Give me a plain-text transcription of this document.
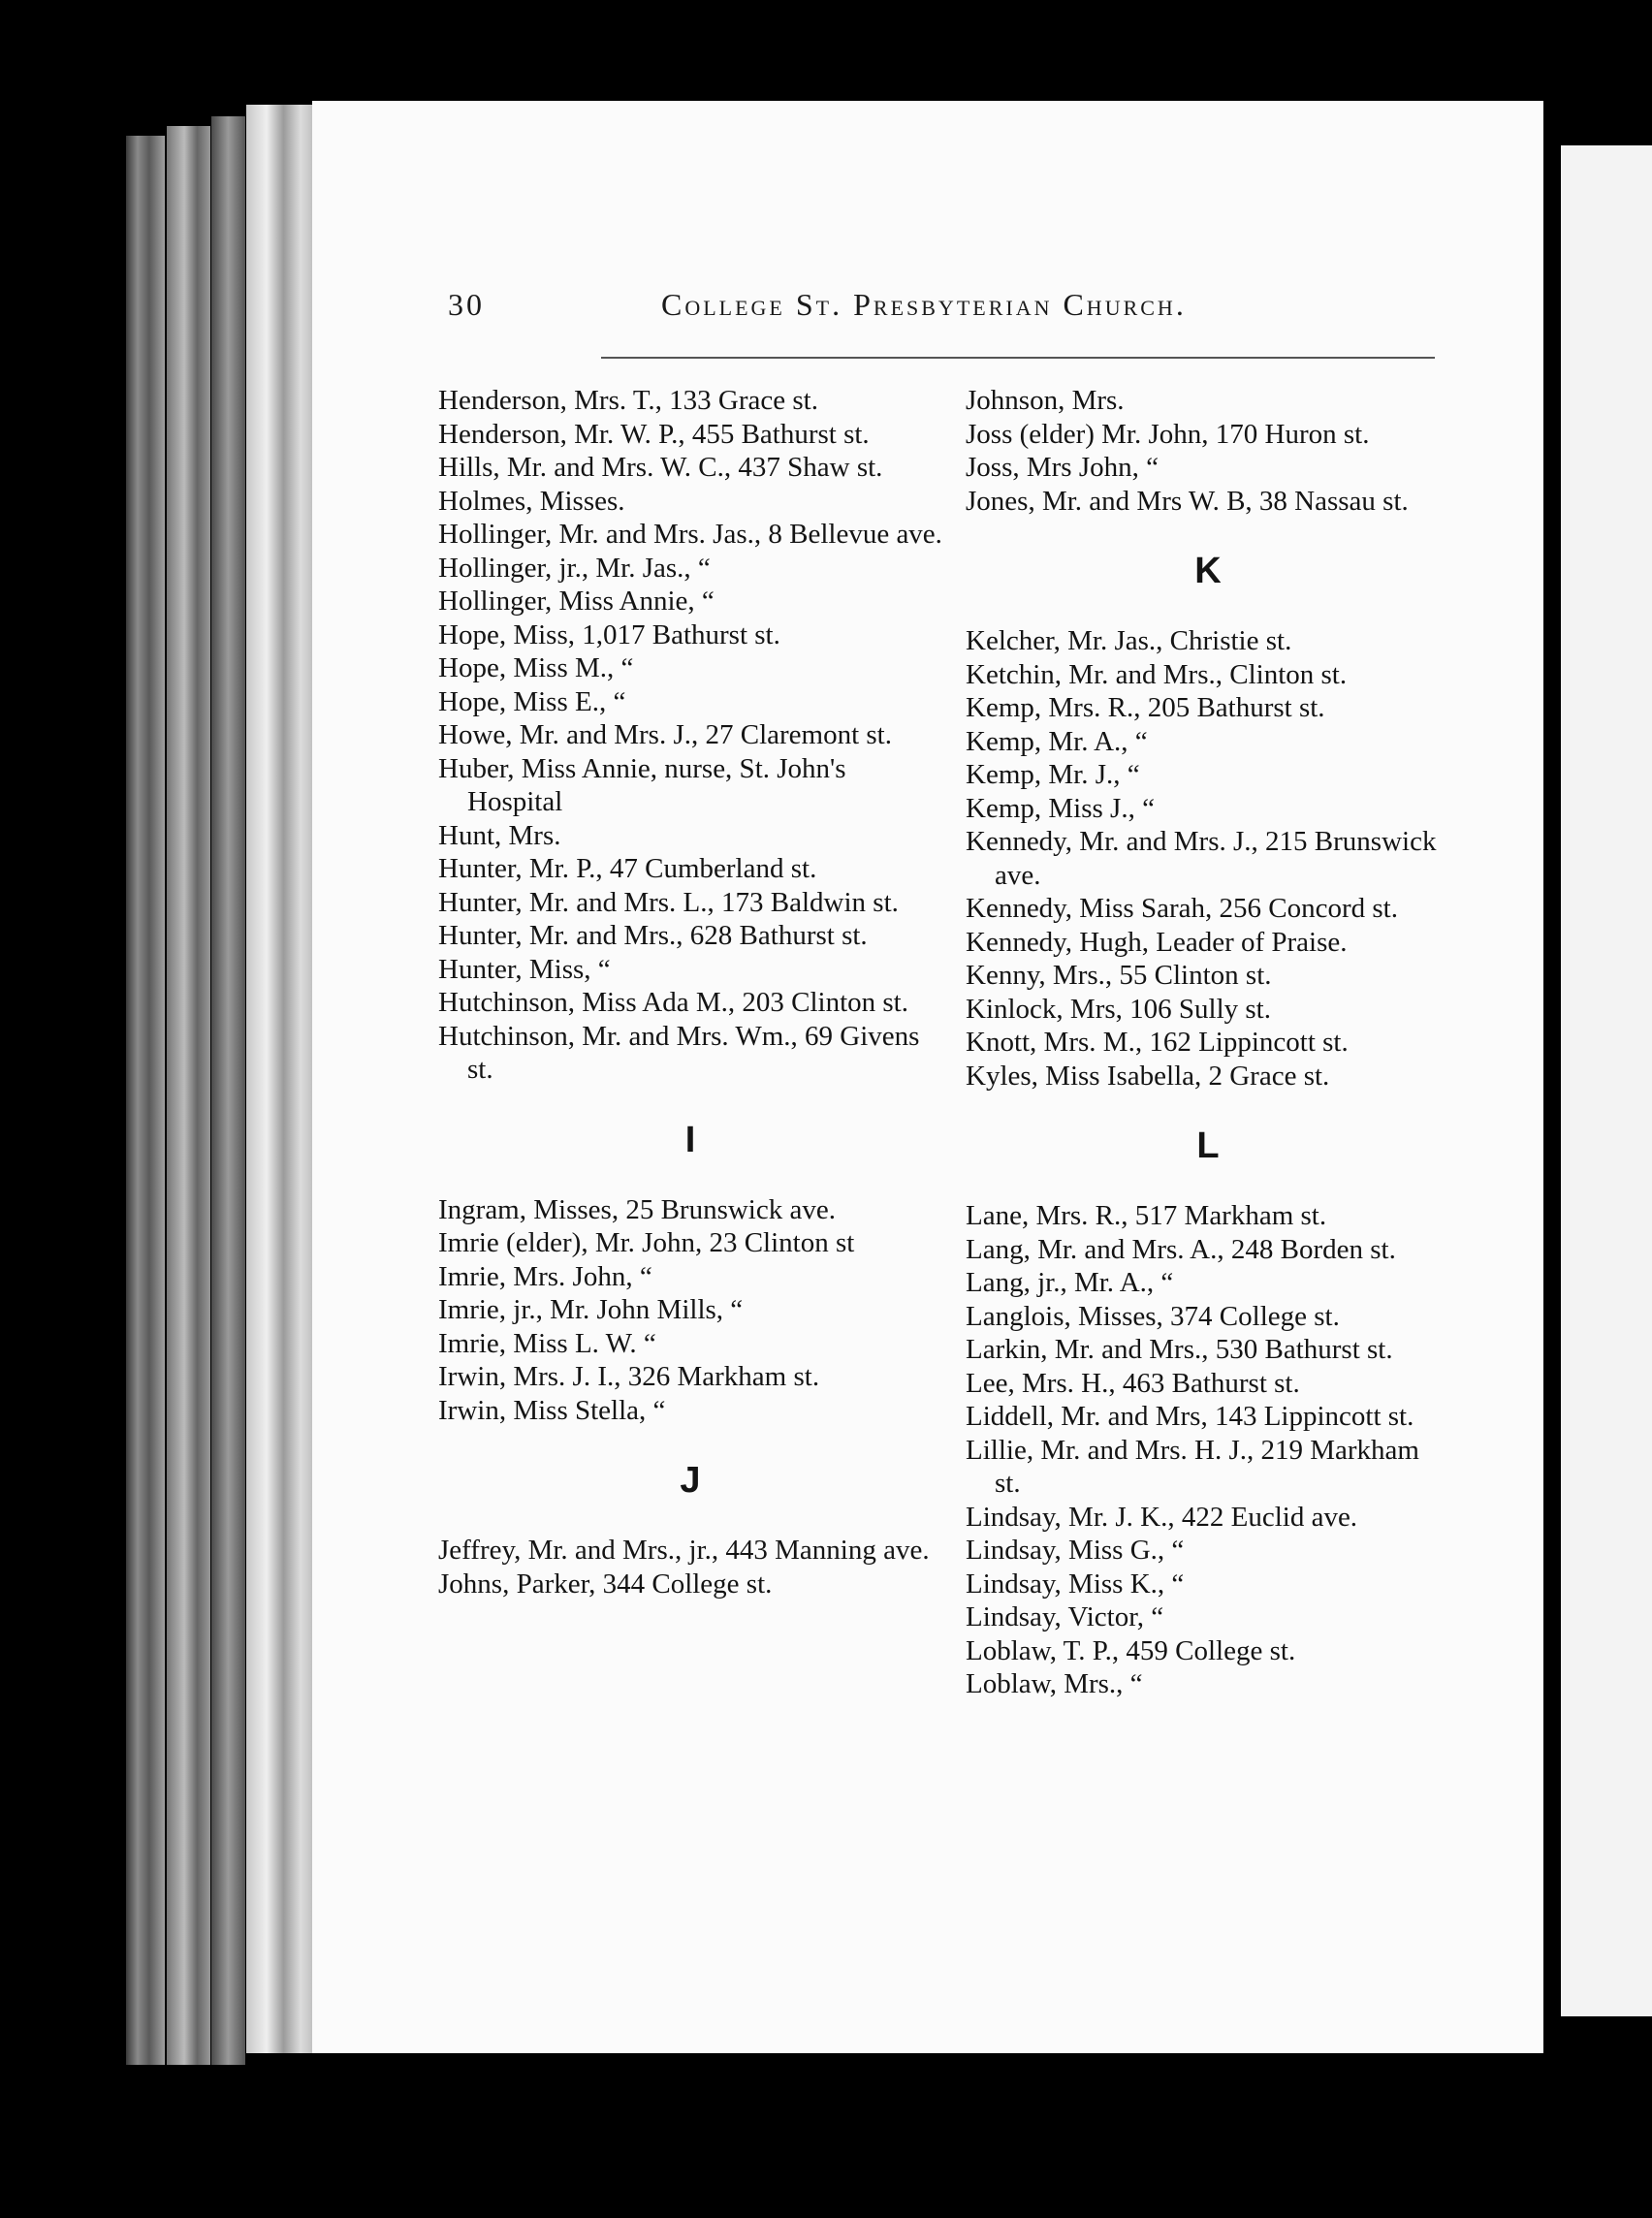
30	College St. Presbyterian Church.

Henderson, Mrs. T., 133 Grace st.

Henderson, Mr. W. P., 455 Bathurst st.

Hills, Mr. and Mrs. W. C., 437 Shaw st.

Holmes, Misses.

Hollinger, Mr. and Mrs. Jas., 8 Bellevue ave.

Hollinger, jr., Mr. Jas., “

Hollinger, Miss Annie, “

Hope, Miss, 1,017 Bathurst st.

Hope, Miss M., “

Hope, Miss E., “

Howe, Mr. and Mrs. J., 27 Claremont st.

Huber, Miss Annie, nurse, St. John's Hospital

Hunt, Mrs.

Hunter, Mr. P., 47 Cumberland st.

Hunter, Mr. and Mrs. L., 173 Baldwin st.

Hunter, Mr. and Mrs., 628 Bathurst st.

Hunter, Miss, “

Hutchinson, Miss Ada M., 203 Clinton st.

Hutchinson, Mr. and Mrs. Wm., 69 Givens st.

I

Ingram, Misses, 25 Brunswick ave.

Imrie (elder), Mr. John, 23 Clinton st

Imrie, Mrs. John, “

Imrie, jr., Mr. John Mills, “

Imrie, Miss L. W. “

Irwin, Mrs. J. I., 326 Markham st.

Irwin, Miss Stella, “

J

Jeffrey, Mr. and Mrs., jr., 443 Manning ave.

Johns, Parker, 344 College st.

Johnson, Mrs.

Joss (elder) Mr. John, 170 Huron st.

Joss, Mrs John, “

Jones, Mr. and Mrs W. B, 38 Nassau st.

K

Kelcher, Mr. Jas., Christie st.

Ketchin, Mr. and Mrs., Clinton st.

Kemp, Mrs. R., 205 Bathurst st.

Kemp, Mr. A., “

Kemp, Mr. J., “

Kemp, Miss J., “

Kennedy, Mr. and Mrs. J., 215 Brunswick ave.

Kennedy, Miss Sarah, 256 Concord st.

Kennedy, Hugh, Leader of Praise.

Kenny, Mrs., 55 Clinton st.

Kinlock, Mrs, 106 Sully st.

Knott, Mrs. M., 162 Lippincott st.

Kyles, Miss Isabella, 2 Grace st.

L

Lane, Mrs. R., 517 Markham st.

Lang, Mr. and Mrs. A., 248 Borden st.

Lang, jr., Mr. A., “

Langlois, Misses, 374 College st.

Larkin, Mr. and Mrs., 530 Bathurst st.

Lee, Mrs. H., 463 Bathurst st.

Liddell, Mr. and Mrs, 143 Lippincott st.

Lillie, Mr. and Mrs. H. J., 219 Markham st.

Lindsay, Mr. J. K., 422 Euclid ave.

Lindsay, Miss G., “

Lindsay, Miss K., “

Lindsay, Victor, “

Loblaw, T. P., 459 College st.

Loblaw, Mrs., “
